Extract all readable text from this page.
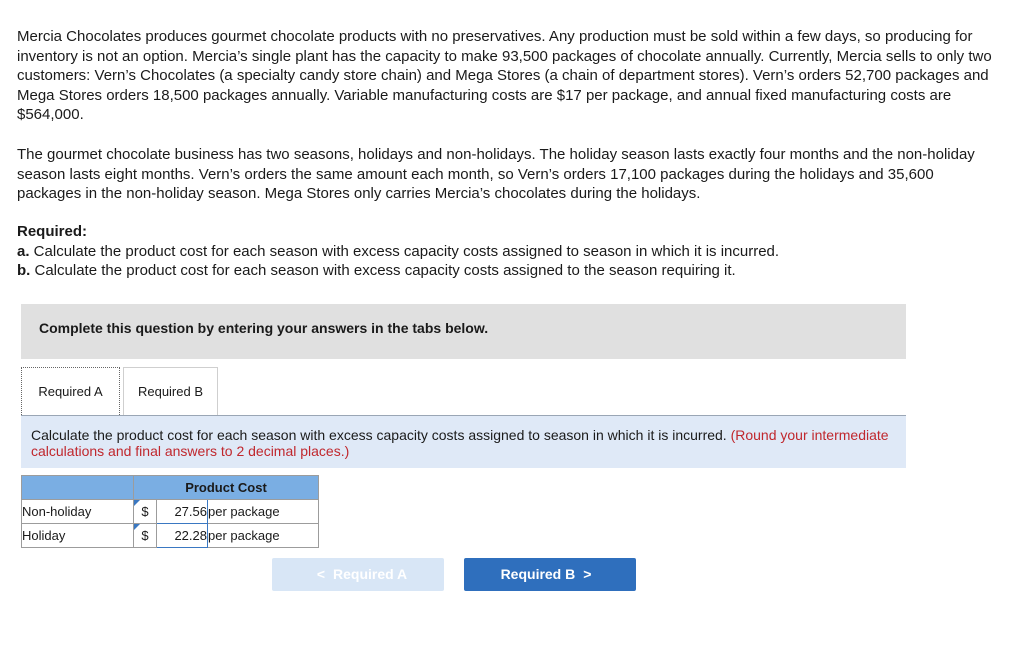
Mercia Chocolates produces gourmet chocolate products with no preservatives. Any production must be sold within a few days, so producing for inventory is not an option. Mercia’s single plant has the capacity to make 93,500 packages of chocolate annually. Currently, Mercia sells to only two customers: Vern’s Chocolates (a specialty candy store chain) and Mega Stores (a chain of department stores). Vern’s orders 52,700 packages and Mega Stores orders 18,500 packages annually. Variable manufacturing costs are $17 per package, and annual fixed manufacturing costs are $564,000.

The gourmet chocolate business has two seasons, holidays and non-holidays. The holiday season lasts exactly four months and the non-holiday season lasts eight months. Vern’s orders the same amount each month, so Vern’s orders 17,100 packages during the holidays and 35,600 packages in the non-holiday season. Mega Stores only carries Mercia’s chocolates during the holidays.

Required:
a. Calculate the product cost for each season with excess capacity costs assigned to season in which it is incurred.
b. Calculate the product cost for each season with excess capacity costs assigned to the season requiring it.
Complete this question by entering your answers in the tabs below.
Required A	Required B
Calculate the product cost for each season with excess capacity costs assigned to season in which it is incurred. (Round your intermediate calculations and final answers to 2 decimal places.)
	Product Cost		
Non-holiday	$	27.56	per package
Holiday	$	22.28	per package
< Required A	Required B >
